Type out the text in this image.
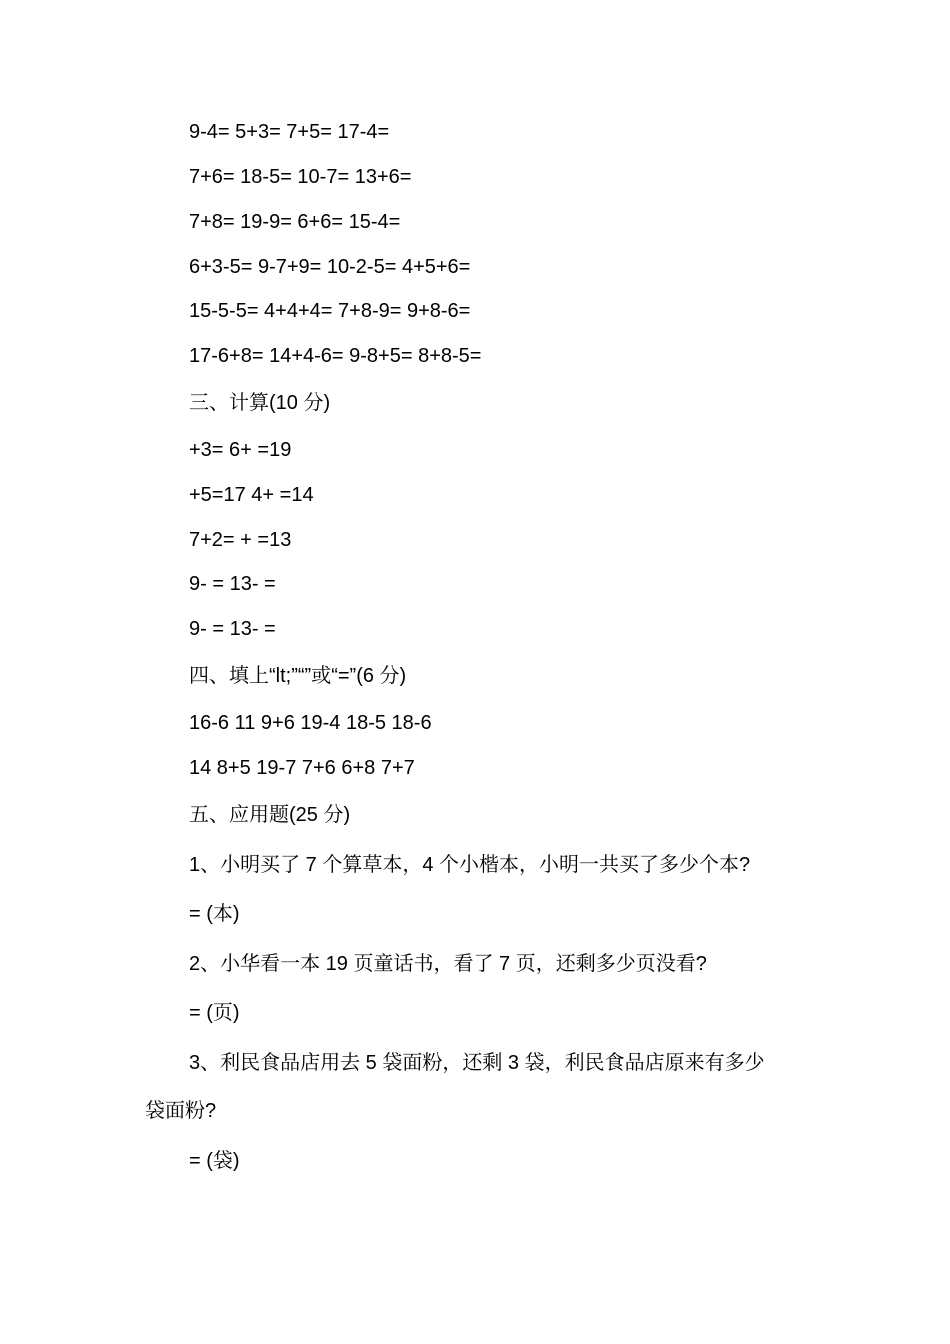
9-4= 5+3= 7+5= 17-4=
7+6= 18-5= 10-7= 13+6=
7+8= 19-9= 6+6= 15-4=
6+3-5= 9-7+9= 10-2-5= 4+5+6=
15-5-5= 4+4+4= 7+8-9= 9+8-6=
17-6+8= 14+4-6= 9-8+5= 8+8-5=
三、计算(10 分)
+3= 6+ =19
+5=17 4+ =14
7+2= + =13
9- = 13- =
9- = 13- =
四、填上“lt;”“”或“=”(6 分)
16-6 11 9+6 19-4 18-5 18-6
14 8+5 19-7 7+6 6+8 7+7
五、应用题(25 分)
1、小明买了 7 个算草本，4 个小楷本，小明一共买了多少个本?
= (本)
2、小华看一本 19 页童话书，看了 7 页，还剩多少页没看?
= (页)
3、利民食品店用去 5 袋面粉，还剩 3 袋，利民食品店原来有多少
袋面粉?
= (袋)
